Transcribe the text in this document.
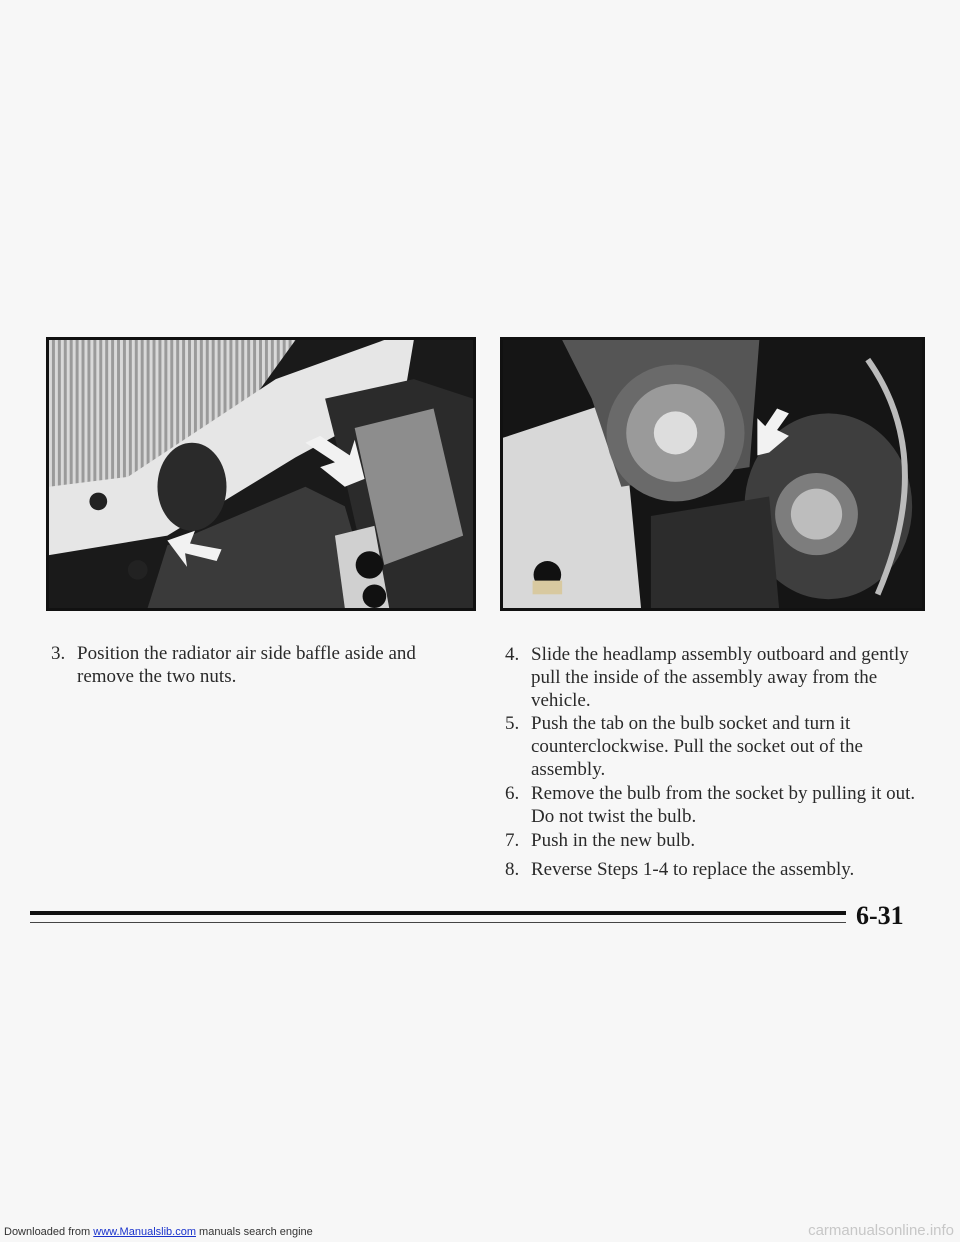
3. Position the radiator air side baffle aside and remove the two nuts.
4. Slide the headlamp assembly outboard and gently pull the inside of the assembly away from the vehicle.
5. Push the tab on the bulb socket and turn it counterclockwise. Pull the socket out of the assembly.
6. Remove the bulb from the socket by pulling it out. Do not twist the bulb.
7. Push in the new bulb.
8. Reverse Steps 1-4 to replace the assembly.
6-31
Downloaded from www.Manualslib.com manuals search engine	carmanualsonline.info
